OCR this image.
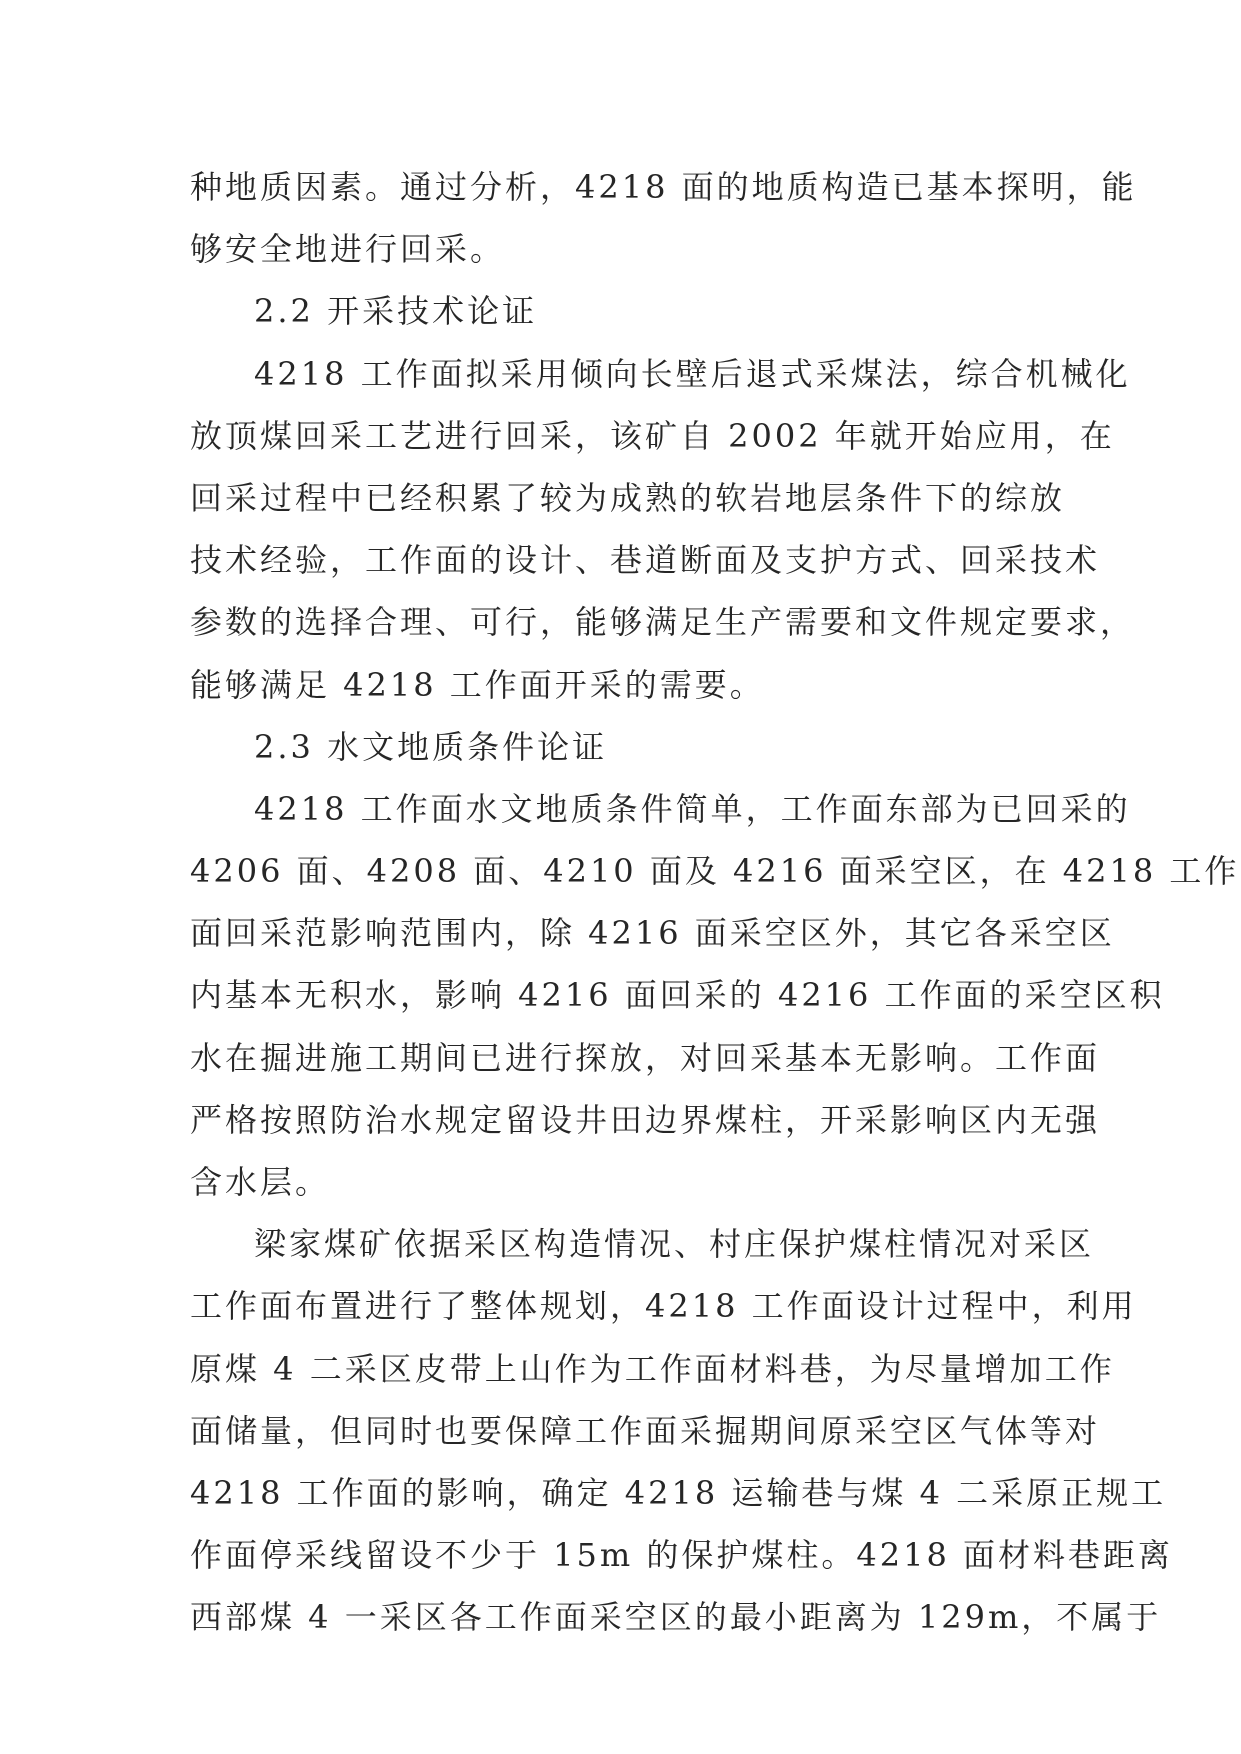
种地质因素。通过分析，4218 面的地质构造已基本探明，能
够安全地进行回采。
2.2 开采技术论证
4218 工作面拟采用倾向长壁后退式采煤法，综合机械化
放顶煤回采工艺进行回采，该矿自 2002 年就开始应用，在
回采过程中已经积累了较为成熟的软岩地层条件下的综放
技术经验，工作面的设计、巷道断面及支护方式、回采技术
参数的选择合理、可行，能够满足生产需要和文件规定要求，
能够满足 4218 工作面开采的需要。
2.3 水文地质条件论证
4218 工作面水文地质条件简单，工作面东部为已回采的
4206 面、4208 面、4210 面及 4216 面采空区，在 4218 工作
面回采范影响范围内，除 4216 面采空区外，其它各采空区
内基本无积水，影响 4216 面回采的 4216 工作面的采空区积
水在掘进施工期间已进行探放，对回采基本无影响。工作面
严格按照防治水规定留设井田边界煤柱，开采影响区内无强
含水层。
梁家煤矿依据采区构造情况、村庄保护煤柱情况对采区
工作面布置进行了整体规划，4218 工作面设计过程中，利用
原煤 4 二采区皮带上山作为工作面材料巷，为尽量增加工作
面储量，但同时也要保障工作面采掘期间原采空区气体等对
4218 工作面的影响，确定 4218 运输巷与煤 4 二采原正规工
作面停采线留设不少于 15m 的保护煤柱。4218 面材料巷距离
西部煤 4 一采区各工作面采空区的最小距离为 129m，不属于
